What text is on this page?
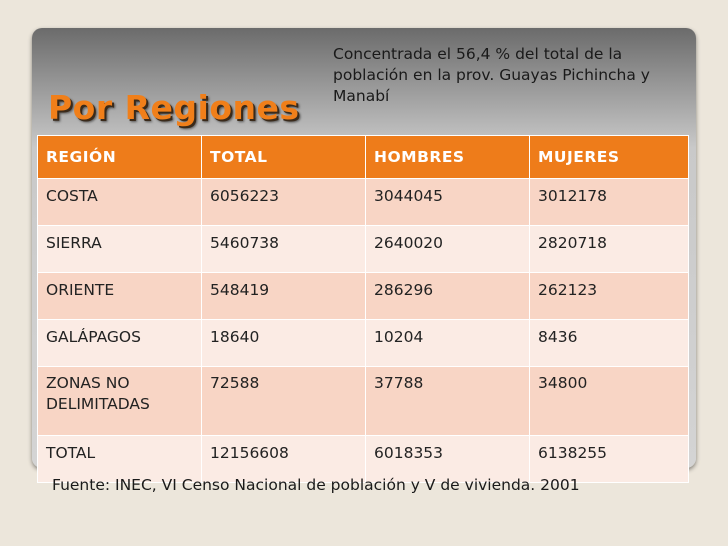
Por Regiones
Concentrada el 56,4 % del total de la población en la prov. Guayas Pichincha y Manabí
REGIÓN	TOTAL	HOMBRES	MUJERES
COSTA	6056223	3044045	3012178
SIERRA	5460738	2640020	2820718
ORIENTE	548419	286296	262123
GALÁPAGOS	18640	10204	8436
ZONAS NO DELIMITADAS	72588	37788	34800
TOTAL	12156608	6018353	6138255
Fuente: INEC, VI Censo Nacional de población y V de vivienda. 2001
